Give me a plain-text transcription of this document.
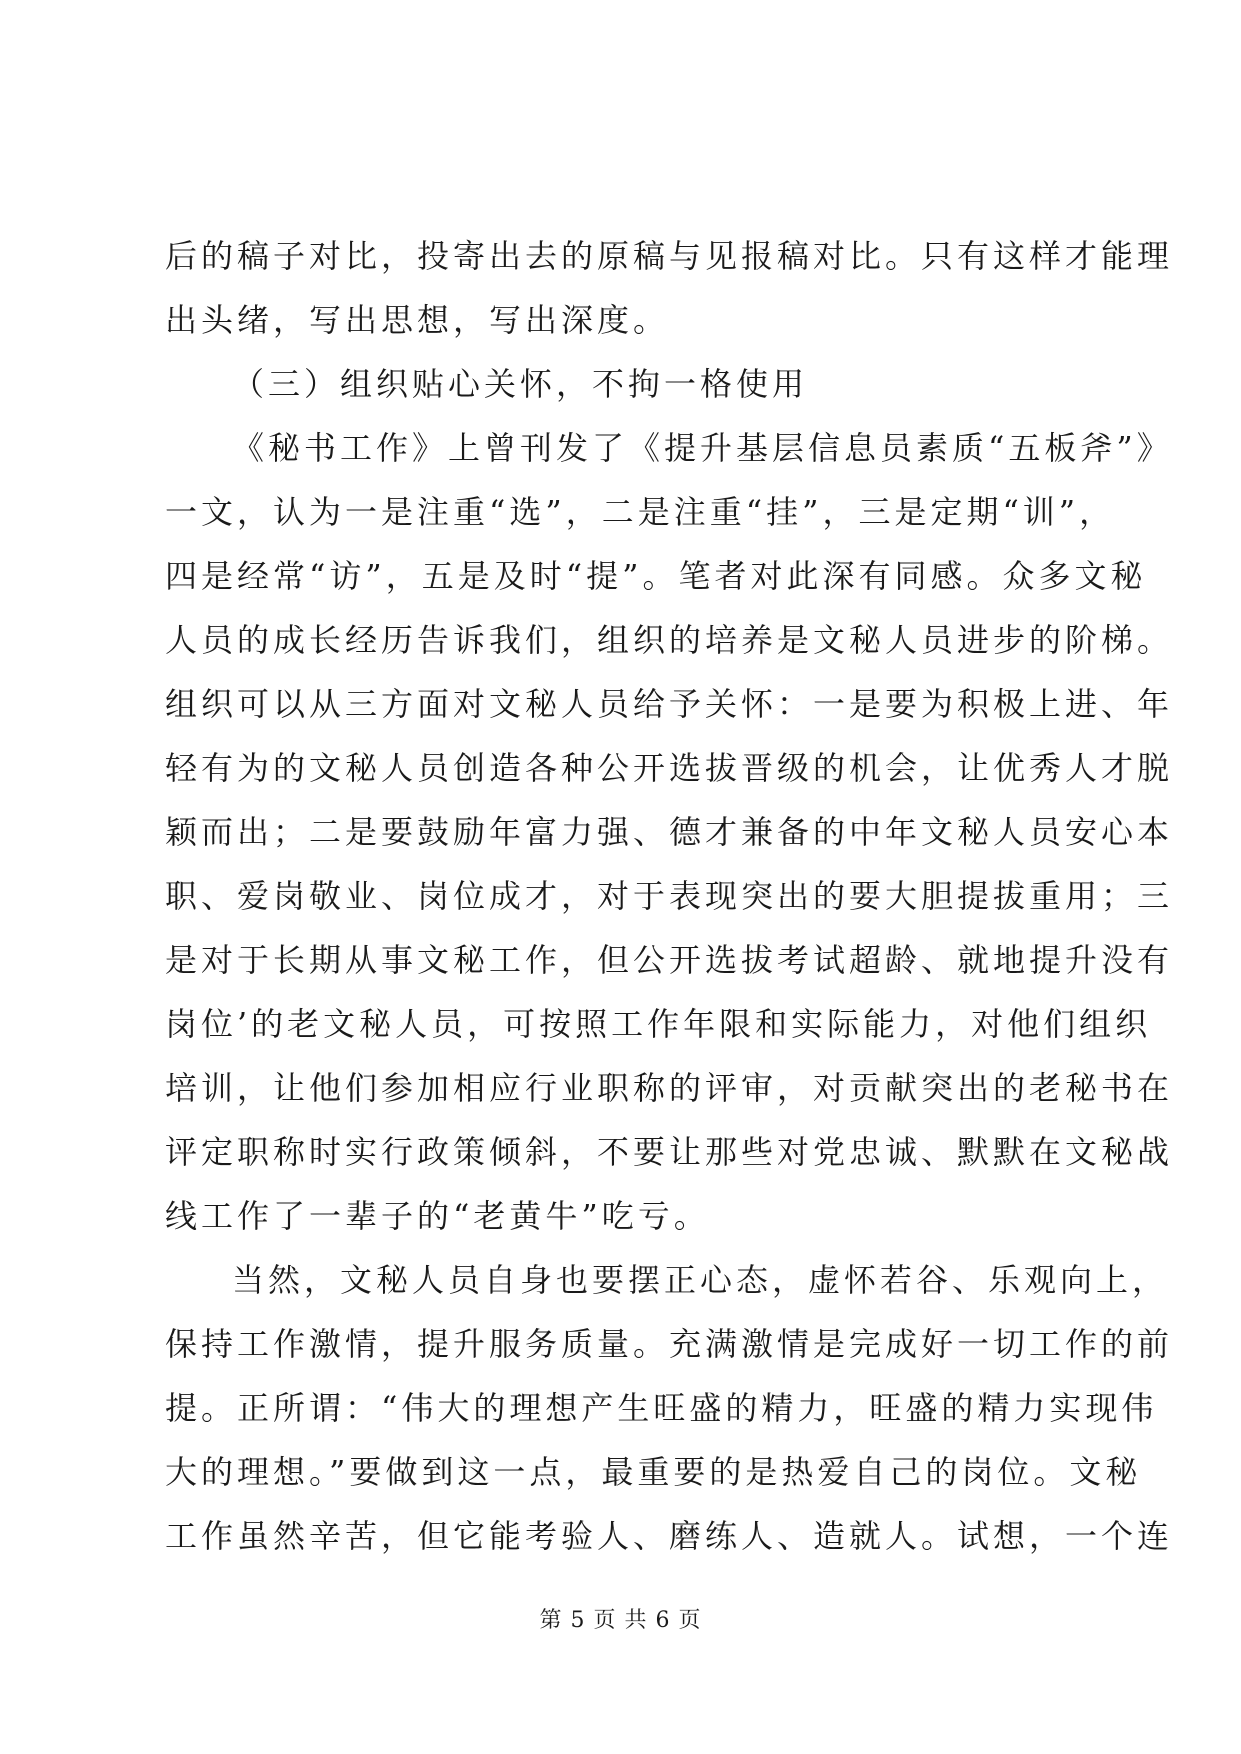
后的稿子对比，投寄出去的原稿与见报稿对比。只有这样才能理
出头绪，写出思想，写出深度。
（三）组织贴心关怀，不拘一格使用
《秘书工作》上曾刊发了《提升基层信息员素质“五板斧”》
一文，认为一是注重“选”，二是注重“挂”，三是定期“训”，
四是经常“访”，五是及时“提”。笔者对此深有同感。众多文秘
人员的成长经历告诉我们，组织的培养是文秘人员进步的阶梯。
组织可以从三方面对文秘人员给予关怀：一是要为积极上进、年
轻有为的文秘人员创造各种公开选拔晋级的机会，让优秀人才脱
颖而出；二是要鼓励年富力强、德才兼备的中年文秘人员安心本
职、爱岗敬业、岗位成才，对于表现突出的要大胆提拔重用；三
是对于长期从事文秘工作，但公开选拔考试超龄、就地提升没有
岗位’的老文秘人员，可按照工作年限和实际能力，对他们组织
培训，让他们参加相应行业职称的评审，对贡献突出的老秘书在
评定职称时实行政策倾斜，不要让那些对党忠诚、默默在文秘战
线工作了一辈子的“老黄牛”吃亏。
当然，文秘人员自身也要摆正心态，虚怀若谷、乐观向上，
保持工作激情，提升服务质量。充满激情是完成好一切工作的前
提。正所谓：“伟大的理想产生旺盛的精力，旺盛的精力实现伟
大的理想。”要做到这一点，最重要的是热爱自己的岗位。文秘
工作虽然辛苦，但它能考验人、磨练人、造就人。试想，一个连
第 5 页 共 6 页
